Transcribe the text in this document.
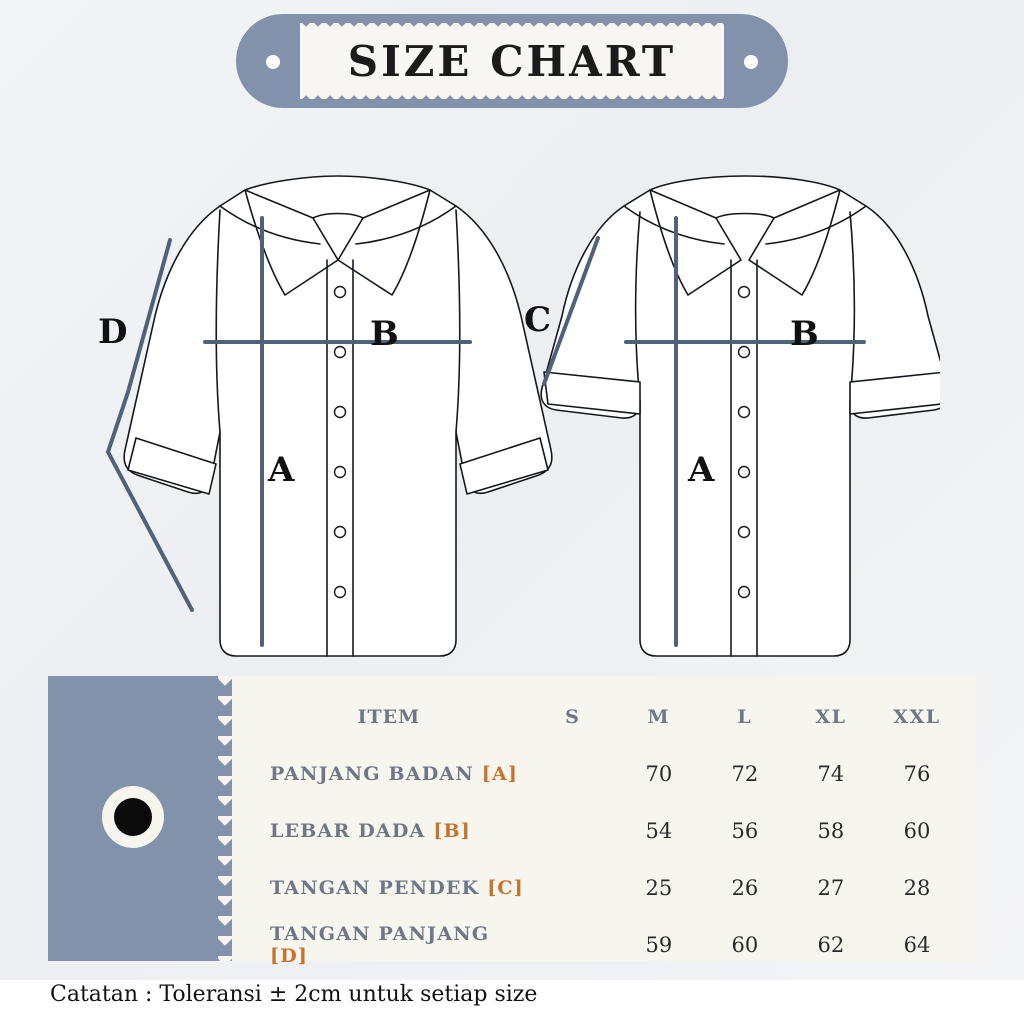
SIZE CHART
D	B
A
C	B
A
ITEM	S	M	L	XL	XXL
PANJANG BADAN [A]		70	72	74	76
LEBAR DADA [B]		54	56	58	60
TANGAN PENDEK [C]		25	26	27	28
TANGAN PANJANG [D]		59	60	62	64
Catatan : Toleransi ± 2cm untuk setiap size
